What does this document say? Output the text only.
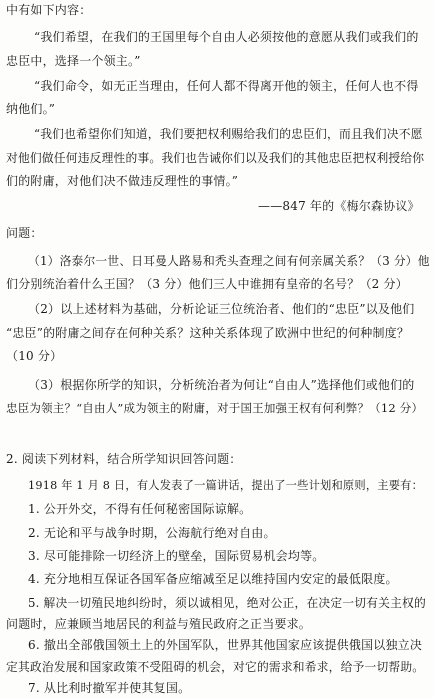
中有如下内容：
“我们希望，在我们的王国里每个自由人必须按他的意愿从我们或我们的
忠臣中，选择一个领主。”
“我们命令，如无正当理由，任何人都不得离开他的领主，任何人也不得
纳他们。”
“我们也希望你们知道，我们要把权利赐给我们的忠臣们，而且我们决不愿
对他们做任何违反理性的事。我们也告诫你们以及我们的其他忠臣把权利授给你
们的附庸，对他们决不做违反理性的事情。”
——847 年的《梅尔森协议》
问题：
（1）洛泰尔一世、日耳曼人路易和秃头查理之间有何亲属关系？（3 分）他
们分别统治着什么王国？（3 分）他们三人中谁拥有皇帝的名号？（2 分）
（2）以上述材料为基础，分析论证三位统治者、他们的“忠臣”以及他们
“忠臣”的附庸之间存在何种关系？这种关系体现了欧洲中世纪的何种制度？
（10 分）
（3）根据你所学的知识，分析统治者为何让“自由人”选择他们或他们的
忠臣为领主？“自由人”成为领主的附庸，对于国王加强王权有何利弊？（12 分）
2. 阅读下列材料，结合所学知识回答问题：
1918 年 1 月 8 日，有人发表了一篇讲话，提出了一些计划和原则，主要有：
1. 公开外交，不得有任何秘密国际谅解。
2. 无论和平与战争时期，公海航行绝对自由。
3. 尽可能排除一切经济上的壁垒，国际贸易机会均等。
4. 充分地相互保证各国军备应缩减至足以维持国内安定的最低限度。
5. 解决一切殖民地纠纷时，须以诚相见，绝对公正，在决定一切有关主权的
问题时，应兼顾当地居民的利益与殖民政府之正当要求。
6. 撤出全部俄国领土上的外国军队，世界其他国家应该提供俄国以独立决
定其政治发展和国家政策不受阻碍的机会，对它的需求和希求，给予一切帮助。
7. 从比利时撤军并使其复国。
